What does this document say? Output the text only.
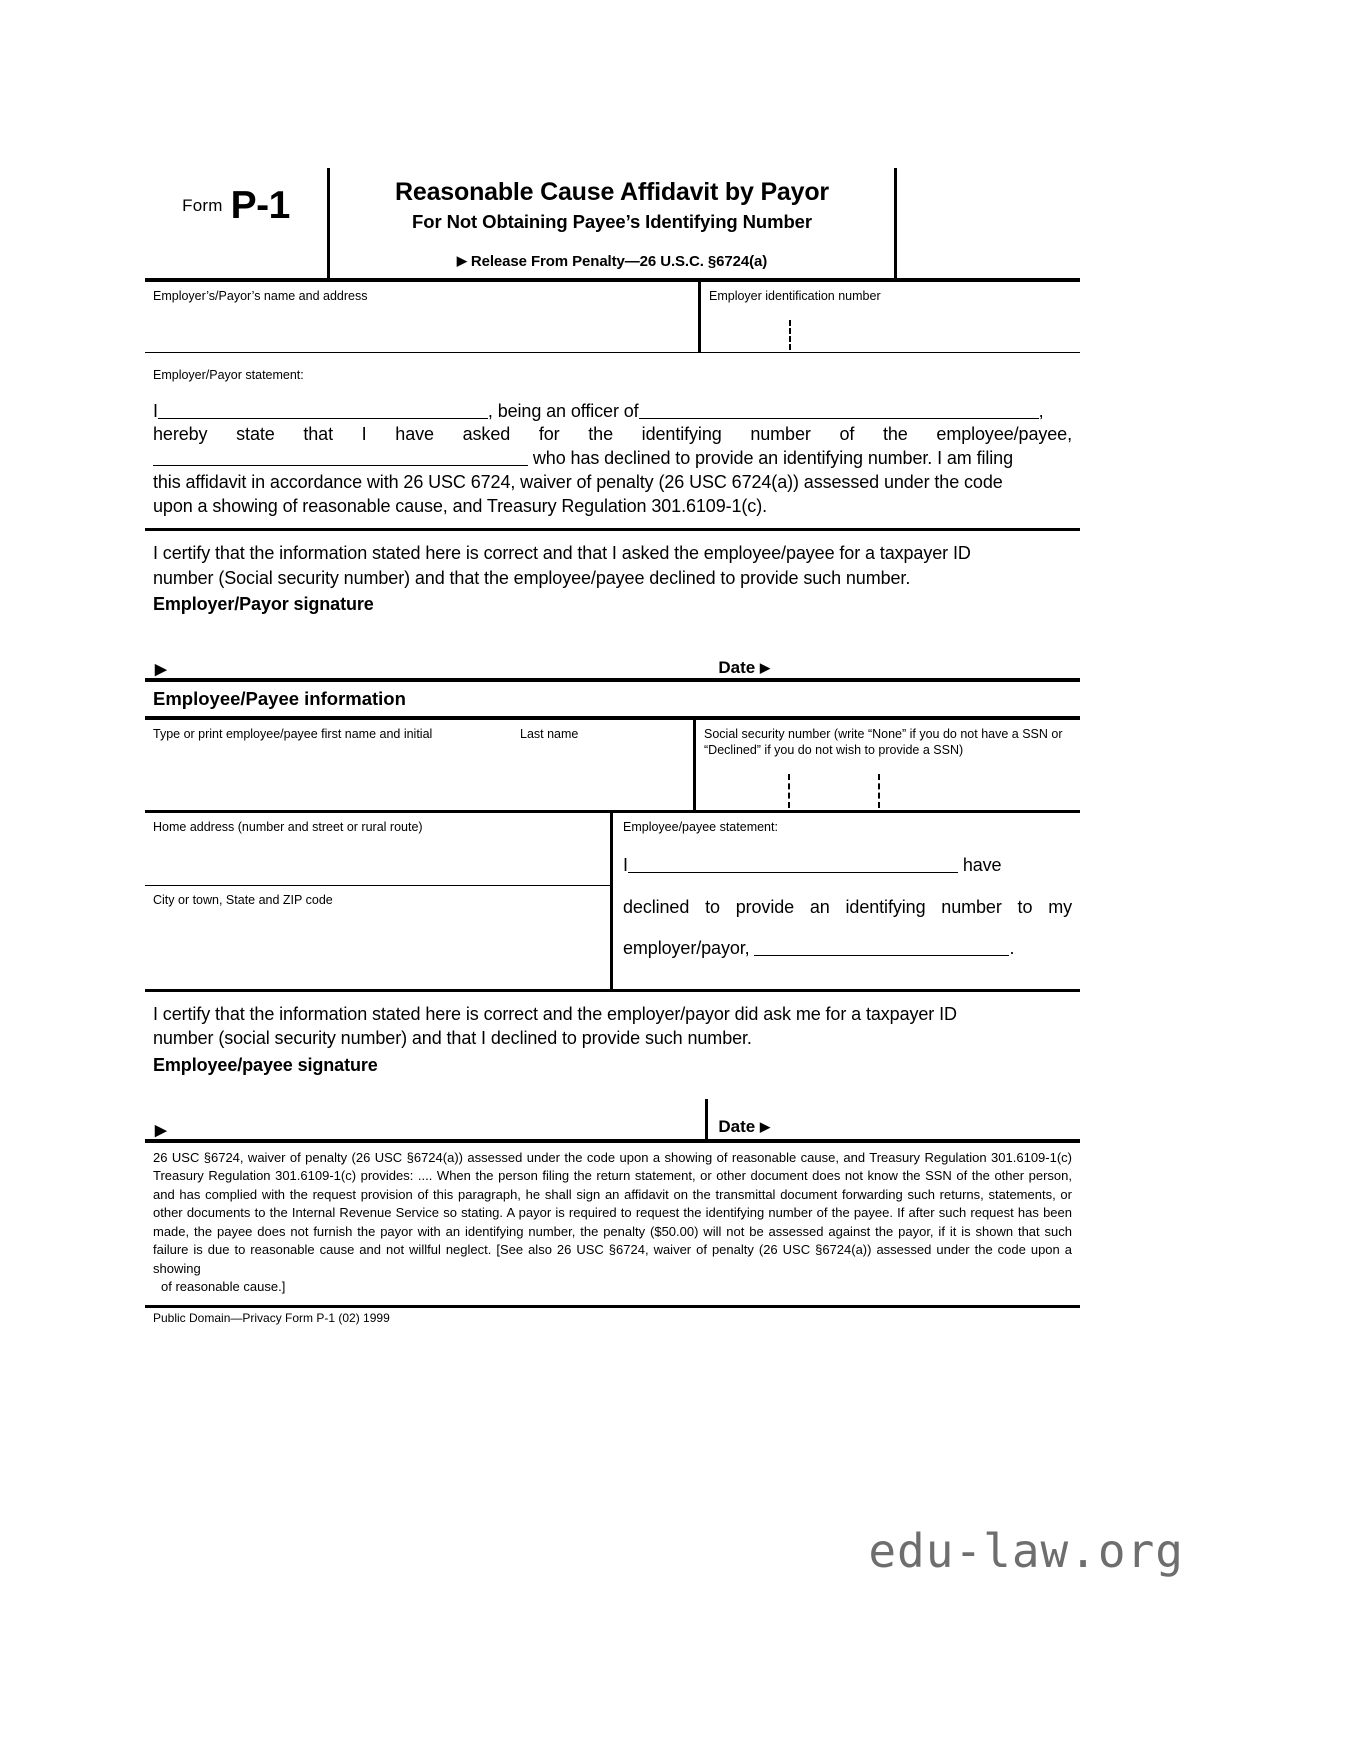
Form P-1	Reasonable Cause Affidavit by Payor
For Not Obtaining Payee’s Identifying Number
▶ Release From Penalty—26 U.S.C. §6724(a)
Employer’s/Payor’s name and address	Employer identification number
Employer/Payor statement:

I	, being an officer of	,

hereby state that I have asked for the identifying number of the employee/payee,

who has declined to provide an identifying number. I am filing

this affidavit in accordance with 26 USC 6724, waiver of penalty (26 USC 6724(a)) assessed under the code

upon a showing of reasonable cause, and Treasury Regulation 301.6109-1(c).

I certify that the information stated here is correct and that I asked the employee/payee for a taxpayer ID
number (Social security number) and that the employee/payee declined to provide such number.
Employer/Payor signature
▶	Date ▶
Employee/Payee information
Type or print employee/payee first name and initial	Last name	Social security number (write “None” if you do not have a SSN or
“Declined” if you do not wish to provide a SSN)
Home address (number and street or rural route)
City or town, State and ZIP code
Employee/payee statement:

I	have

declined to provide an identifying number to my

employer/payor,	.

I certify that the information stated here is correct and the employer/payor did ask me for a taxpayer ID
number (social security number) and that I declined to provide such number.
Employee/payee signature
▶	Date ▶
26 USC §6724, waiver of penalty (26 USC §6724(a)) assessed under the code upon a showing of reasonable cause, and Treasury Regulation 301.6109-1(c) Treasury Regulation 301.6109-1(c) provides: .... When the person filing the return statement, or other document does not know the SSN of the other person, and has complied with the request provision of this paragraph, he shall sign an affidavit on the transmittal document forwarding such returns, statements, or other documents to the Internal Revenue Service so stating. A payor is required to request the identifying number of the payee. If after such request has been made, the payee does not furnish the payor with an identifying number, the penalty ($50.00) will not be assessed against the payor, if it is shown that such failure is due to reasonable cause and not willful neglect. [See also 26 USC §6724, waiver of penalty (26 USC §6724(a)) assessed under the code upon a showing
of reasonable cause.]
Public Domain—Privacy Form P-1 (02) 1999
edu-law.org
